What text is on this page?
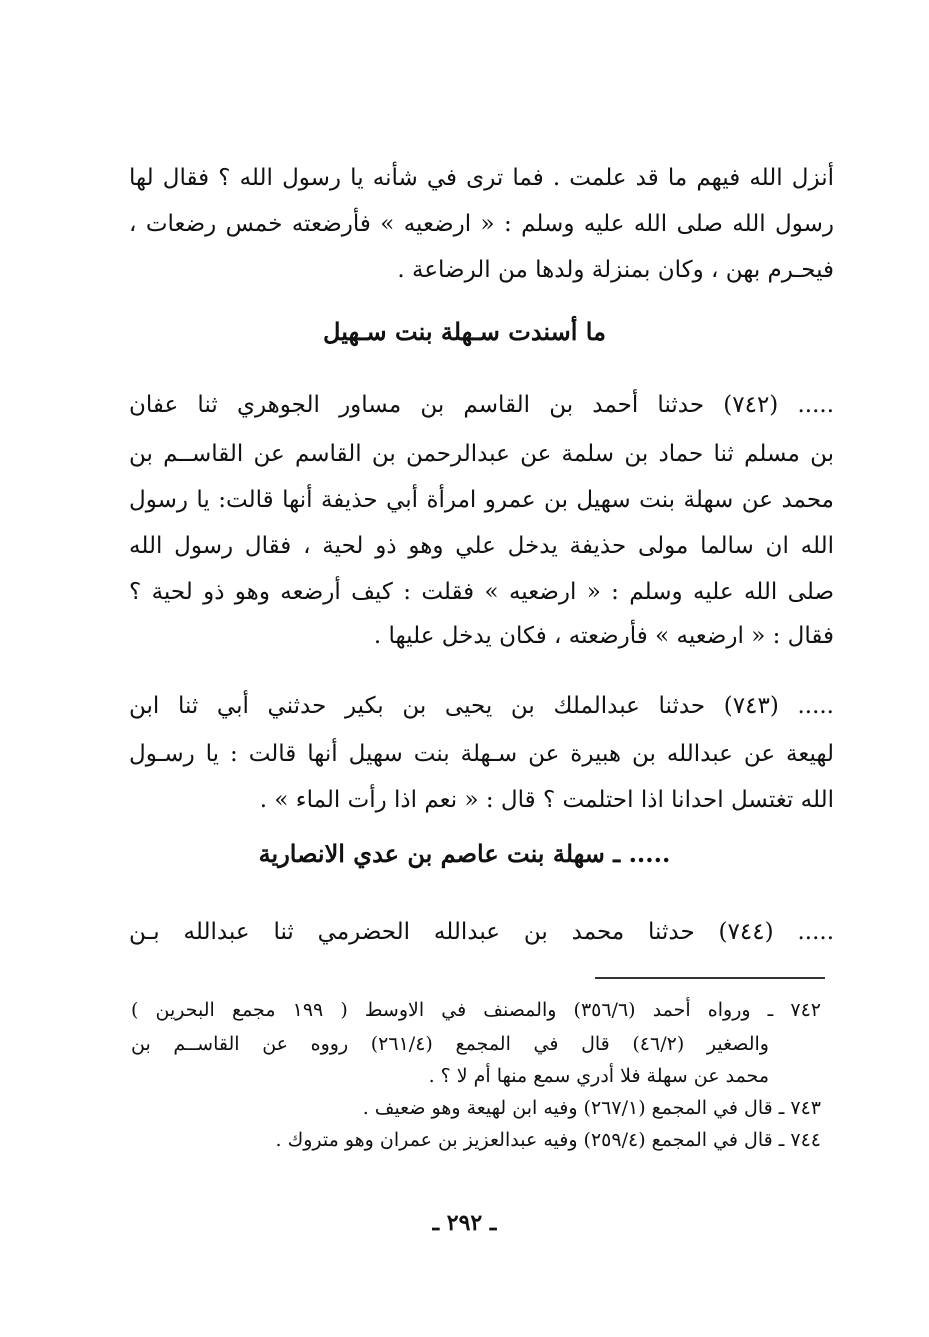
أنزل الله فيهم ما قد علمت . فما ترى في شأنه يا رسول الله ؟ فقال لها
رسول الله صلى الله عليه وسلم : « ارضعيه » فأرضعته خمس رضعات ،
فيحـرم بهن ، وكان بمنزلة ولدها من الرضاعة .
ما أسندت سـهلة بنت سـهيل
..... (٧٤٢) حدثنا أحمد بن القاسم بن مساور الجوهري ثنا عفان
بن مسلم ثنا حماد بن سلمة عن عبدالرحمن بن القاسم عن القاســم بن
محمد عن سهلة بنت سهيل بن عمرو امرأة أبي حذيفة أنها قالت: يا رسول
الله ان سالما مولى حذيفة يدخل علي وهو ذو لحية ، فقال رسول الله
صلى الله عليه وسلم : « ارضعيه » فقلت : كيف أرضعه وهو ذو لحية ؟
فقال : « ارضعيه » فأرضعته ، فكان يدخل عليها .
..... (٧٤٣) حدثنا عبدالملك بن يحيى بن بكير حدثني أبي ثنا ابن
لهيعة عن عبدالله بن هبيرة عن سـهلة بنت سهيل أنها قالت : يا رسـول
الله تغتسل احدانا اذا احتلمت ؟ قال : « نعم اذا رأت الماء » .
..... ـ سهلة بنت عاصم بن عدي الانصارية
..... (٧٤٤) حدثنا محمد بن عبدالله الحضرمي ثنا عبدالله بـن
٧٤٢ ـ ورواه أحمد (٣٥٦/٦) والمصنف في الاوسط ( ١٩٩ مجمع البحرين )
والصغير (٤٦/٢) قال في المجمع (٢٦١/٤) رووه عن القاســم بن
محمد عن سهلة فلا أدري سمع منها أم لا ؟ .
٧٤٣ ـ قال في المجمع (٢٦٧/١) وفيه ابن لهيعة وهو ضعيف .
٧٤٤ ـ قال في المجمع (٢٥٩/٤) وفيه عبدالعزيز بن عمران وهو متروك .
ـ ٢٩٢ ـ
